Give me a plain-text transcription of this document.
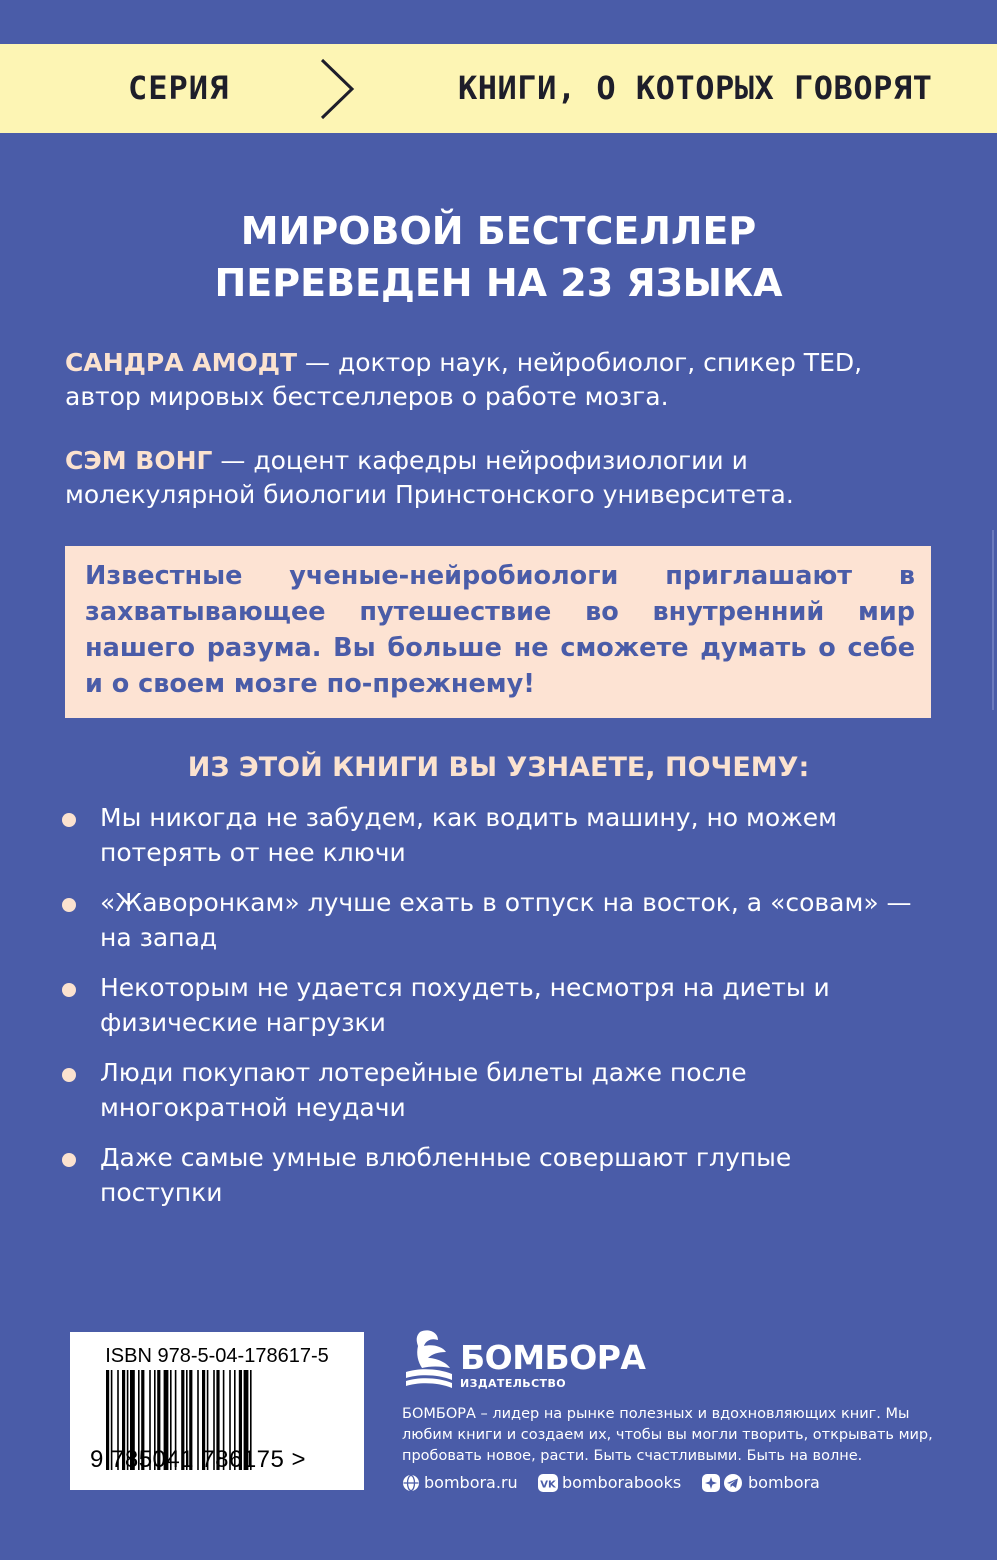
СЕРИЯ	КНИГИ, О КОТОРЫХ ГОВОРЯТ
МИРОВОЙ БЕСТСЕЛЛЕР
ПЕРЕВЕДЕН НА 23 ЯЗЫКА
САНДРА АМОДТ — доктор наук, нейробиолог, спикер TED, автор мировых бестселлеров о работе мозга.
СЭМ ВОНГ — доцент кафедры нейрофизиологии и молекулярной биологии Принстонского университета.
Известные ученые-нейробиологи приглашают в захватывающее путешествие во внутренний мир нашего разума. Вы больше не сможете думать о себе и о своем мозге по-прежнему!
ИЗ ЭТОЙ КНИГИ ВЫ УЗНАЕТЕ, ПОЧЕМУ:
Мы никогда не забудем, как водить машину, но можем потерять от нее ключи
«Жаворонкам» лучше ехать в отпуск на восток, а «совам» — на запад
Некоторым не удается похудеть, несмотря на диеты и физические нагрузки
Люди покупают лотерейные билеты даже после многократной неудачи
Даже самые умные влюбленные совершают глупые поступки
ISBN 978-5-04-178617-5
9 785041 786175 >
БОМБОРА
ИЗДАТЕЛЬСТВО
БОМБОРА – лидер на рынке полезных и вдохновляющих книг. Мы любим книги и создаем их, чтобы вы могли творить, открывать мир, пробовать новое, расти. Быть счастливыми. Быть на волне.
bombora.ru VK bomborabooks	bombora
